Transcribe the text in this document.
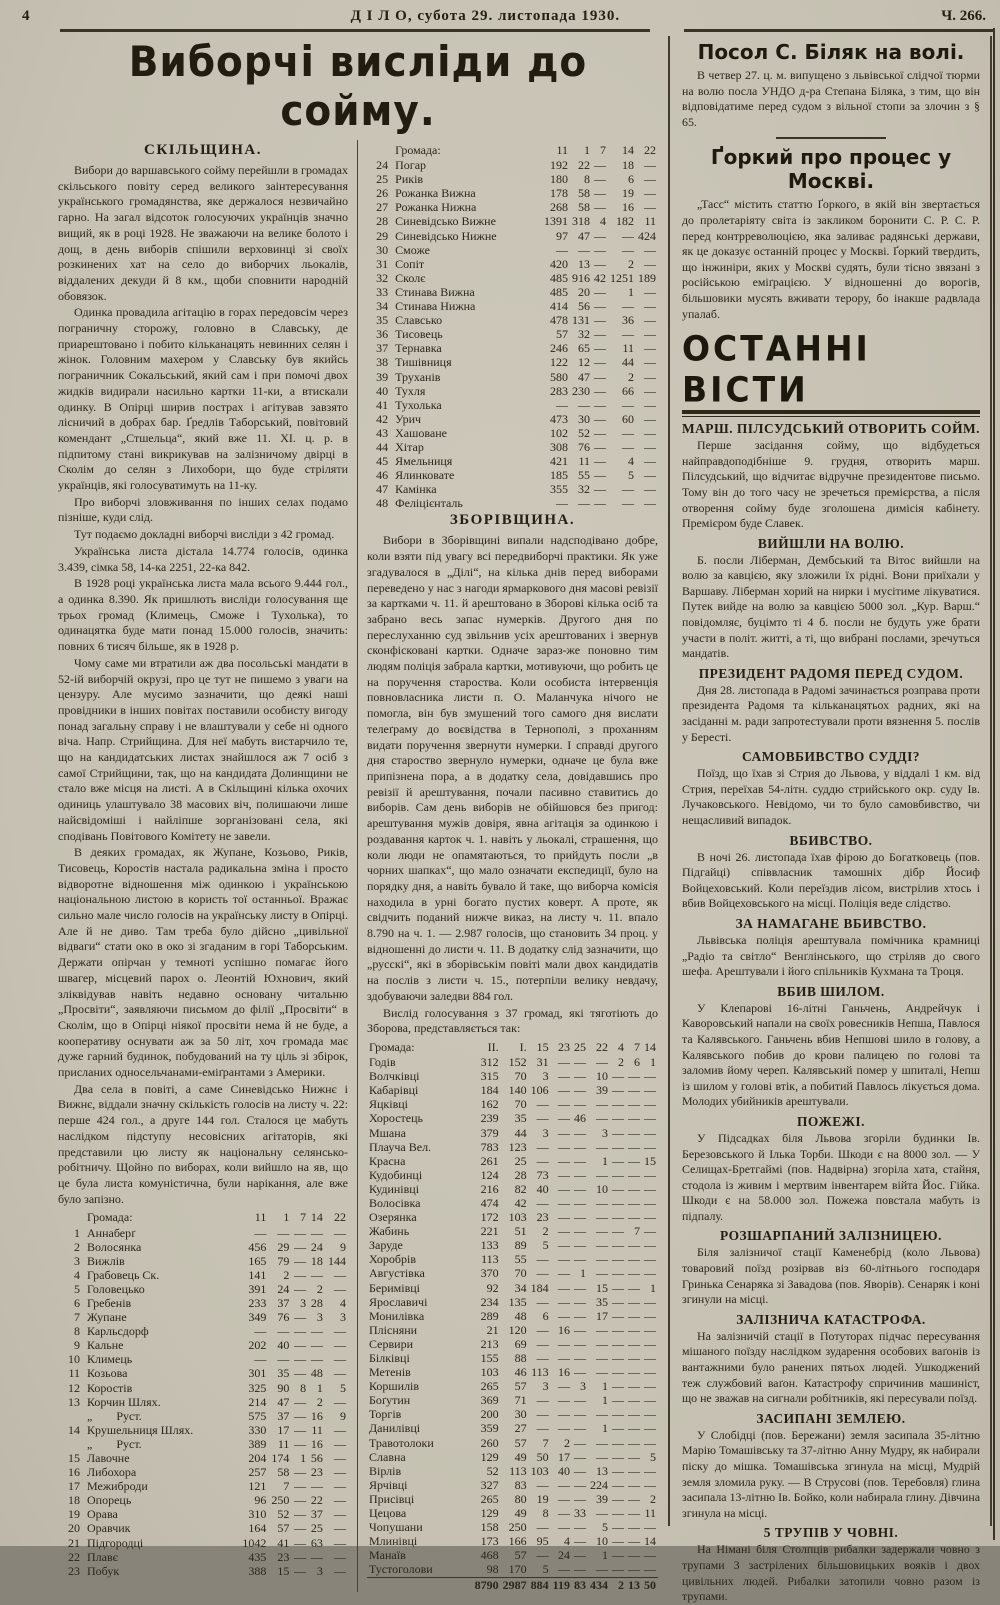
4	Д І Л О, субота 29. листопада 1930.	Ч. 266.
Виборчі висліди до сойму.
СКІЛЬЩИНА.

Вибори до варшавського сойму перейшли в громадах скільського повіту серед великого заінтересування українського громадянства, яке держалося незвичайно гарно. На загал відсоток голосуючих українців значно вищий, як в році 1928. Не зважаючи на велике болото і дощ, в день виборів спішили верховинці зі своїх розкинених хат на село до виборчих льокалів, віддалених декуди й 8 км., щоби сповнити народній обовязок.

Одинка провадила агітацію в горах передовсім через пограничну сторожу, головно в Славську, де приарештовано і побито кільканацять невинних селян і жінок. Головним махером у Славську був якийсь пограничник Сокальський, який сам і при помочі двох жидків видирали насильно картки 11-ки, а втискали одинку. В Опірці ширив пострах і агітував завзято лісничий в добрах бар. Ґредлів Таборський, повітовий комендант „Стшельца“, який вже 11. XI. ц. р. в підпитому стані викрикував на залізничому двірці в Сколім до селян з Лихобори, що буде стріляти українців, які голосуватимуть на 11-ку.

Про виборчі зловживання по інших селах подамо пізніше, куди слід.

Тут подаємо докладні виборчі висліди з 42 громад.

Українська листа дістала 14.774 голосів, одинка 3.439, сімка 58, 14-ка 2251, 22-ка 842.

В 1928 році українська листа мала всього 9.444 гол., а одинка 8.390. Як пришлють висліди голосування ще трьох громад (Климець, Сможе і Тухолька), то одинацятка буде мати понад 15.000 голосів, значить: повних 6 тисяч більше, як в 1928 р.

Чому саме ми втратили аж два посольські мандати в 52-ій виборчій окрузі, про це тут не пишемо з уваги на цензуру. Але мусимо зазначити, що деякі наші провідники в інших повітах поставили особисту вигоду понад загальну справу і не влаштували у себе ні одного віча. Напр. Стрийщина. Для неї мабуть вистарчило те, що на кандидатських листах знайшлося аж 7 осіб з самої Стрийщини, так, що на кандидата Долинщини не стало вже місця на листі. А в Скільщині кілька охочих одиниць улаштувало 38 масових віч, полишаючи лише найсвідоміші і найліпше зорганізовані села, які сподівань Повітового Комітету не завели.

В деяких громадах, як Жупане, Козьово, Риків, Тисовець, Коростів настала радикальна зміна і просто відворотне відношення між одинкою і українською національною листою в користь тої останньої. Вражає сильно мале число голосів на українську листу в Опірці. Але й не диво. Там треба було дійсно „цивільної відваги“ стати око в око зі згаданим в горі Таборським. Держати опірчан у темноті успішно помагає його швагер, місцевий парох о. Леонтій Юхнович, який зліквідував навіть недавно основану читальню „Просвіти“, заявляючи письмом до філії „Просвіти“ в Сколім, що в Опірці ніякої просвіти нема й не буде, а кооперативу оснувати аж за 50 літ, хоч громада має дуже гарний будинок, побудований на ту ціль зі збірок, присланих односельчанами-еміґрантами з Америки.

Два села в повіті, а саме Синевідсько Нижнє і Вижнє, віддали значну скількість голосів на листу ч. 22: перше 424 гол., а друге 144 гол. Сталося це мабуть наслідком підступу несовісних агітаторів, які представили цю листу як національну селянсько-робітничу. Щойно по виборах, коли вийшло на яв, що це була листа комуністична, були нарікання, але вже було запізно.

	Громада:	11	1	7	14	22
1	Аннаберґ	—	—	—	—	—
2	Волосянка	456	29	—	24	9
3	Вижлів	165	79	—	18	144
4	Грабовець Ск.	141	2	—	—	—
5	Головецько	391	24	—	2	—
6	Гребенів	233	37	3	28	4
7	Жупане	349	76	—	3	3
8	Карльсдорф	—	—	—	—	—
9	Кальне	202	40	—	—	—
10	Климець	—	—	—	—	—
11	Козьова	301	35	—	48	—
12	Коростів	325	90	8	1	5
13	Корчин Шлях.	214	47	—	2	—
	„  Руст.	575	37	—	16	9
14	Крушельниця Шлях.	330	17	—	11	—
	„  Руст.	389	11	—	16	—
15	Лавочне	204	174	1	56	—
16	Либохора	257	58	—	23	—
17	Межиброди	121	7	—	—	—
18	Опорець	96	250	—	22	—
19	Орава	310	52	—	37	—
20	Оравчик	164	57	—	25	—
21	Підгородці	1042	41	—	63	—
22	Плавє	435	23	—	—	—
23	Побук	388	15	—	3	—
	Громада:	11	1	7	14	22
24	Погар	192	22	—	18	—
25	Риків	180	8	—	6	—
26	Рожанка Вижна	178	58	—	19	—
27	Рожанка Нижна	268	58	—	16	—
28	Синевідсько Вижне	1391	318	4	182	11
29	Синевідсько Нижне	97	47	—	—	424
30	Сможе	—	—	—	—	—
31	Сопіт	420	13	—	2	—
32	Сколє	485	916	42	1251	189
33	Стинава Вижна	485	20	—	1	—
34	Стинава Нижна	414	56	—	—	—
35	Славсько	478	131	—	36	—
36	Тисовець	57	32	—	—	—
37	Тернавка	246	65	—	11	—
38	Тишівниця	122	12	—	44	—
39	Труханів	580	47	—	2	—
40	Тухля	283	230	—	66	—
41	Тухолька	—	—	—	—	—
42	Урич	473	30	—	60	—
43	Хашоване	102	52	—	—	—
44	Хітар	308	76	—	—	—
45	Ямельниця	421	11	—	4	—
46	Ялинковате	185	55	—	5	—
47	Камінка	355	32	—	—	—
48	Феліцієнталь	—	—	—	—	—
ЗБОРІВЩИНА.

Вибори в Зборівщині випали надсподівано добре, коли взяти під увагу всі передвиборчі практики. Як уже згадувалося в „Ділі“, на кілька днів перед виборами переведено у нас з нагоди ярмаркового дня масові ревізії за картками ч. 11. й арештовано в Зборові кілька осіб та забрано весь запас нумерків. Другого дня по переслуханню суд звільнив усіх арештованих і звернув сконфісковані картки. Одначе зараз-же поновно тим людям поліція забрала картки, мотивуючи, що робить це на поручення староства. Коли особиста інтервенція повновласника листи п. О. Маланчука нічого не помогла, він був змушений того самого дня вислати телеґраму до воєвідства в Тернополі, з проханням видати поручення звернути нумерки. І справді другого дня староство звернуло нумерки, одначе це була вже припізнена пора, а в додатку села, довідавшись про ревізії й арештування, почали пасивно ставитись до виборів. Сам день виборів не обійшовся без пригод: арештування мужів довіря, явна агітація за одинкою і роздавання карток ч. 1. навіть у льокалі, страшення, що коли люди не опамятаються, то прийдуть посли „в чорних шапках“, що мало означати експедиції, було на порядку дня, а навіть бувало й таке, що виборча комісія находила в урні богато пустих коверт. А проте, як свідчить поданий нижче виказ, на листу ч. 11. впало 8.790 на ч. 1. — 2.987 голосів, що становить 34 проц. у відношенні до листи ч. 11. В додатку слід зазначити, що „русскі“, які в зборівськім повіті мали двох кандидатів на послів з листи ч. 15., потерпіли велику невдачу, здобуваючи заледви 884 гол.

Вислід голосування з 37 громад, які тяготіють до Зборова, представляється так:

Громада:	II.	I.	15	23	25	22	4	7	14
Годів	312	152	31	—	—	—	2	6	1
Волчківці	315	70	3	—	—	10	—	—	—
Кабарівці	184	140	106	—	—	39	—	—	—
Яцківці	162	70	—	—	—	—	—	—	—
Хоростець	239	35	—	—	46	—	—	—	—
Мшана	379	44	3	—	—	3	—	—	—
Плауча Вел.	783	123	—	—	—	—	—	—	—
Красна	261	25	—	—	—	1	—	—	15
Кудобинці	124	28	73	—	—	—	—	—	—
Кудинівці	216	82	40	—	—	10	—	—	—
Волосівка	474	42	—	—	—	—	—	—	—
Озерянка	172	103	23	—	—	—	—	—	—
Жабинь	221	51	2	—	—	—	—	7	—
Заруде	133	89	5	—	—	—	—	—	—
Хоробрів	113	55	—	—	—	—	—	—	—
Августівка	370	70	—	—	1	—	—	—	—
Беримівці	92	34	184	—	—	15	—	—	1
Ярославичі	234	135	—	—	—	35	—	—	—
Монилівка	289	48	6	—	—	17	—	—	—
Плісняни	21	120	—	16	—	—	—	—	—
Сервири	213	69	—	—	—	—	—	—	—
Білківці	155	88	—	—	—	—	—	—	—
Метенів	103	46	113	16	—	—	—	—	—
Коршилів	265	57	3	—	3	1	—	—	—
Боґутин	369	71	—	—	—	1	—	—	—
Торгів	200	30	—	—	—	—	—	—	—
Данилівці	359	27	—	—	—	1	—	—	—
Травотолоки	260	57	7	2	—	—	—	—	—
Славна	129	49	50	17	—	—	—	—	5
Вірлів	52	113	103	40	—	13	—	—	—
Ярчівці	327	83	—	—	—	224	—	—	—
Присівці	265	80	19	—	—	39	—	—	2
Цецова	129	49	8	—	33	—	—	—	11
Чопушани	158	250	—	—	—	5	—	—	—
Млинівці	173	166	95	4	—	10	—	—	14
Манаїв	468	57	—	24	—	1	—	—	—
Тустоголови	98	170	5	—	—	—	—	—	—
	8790	2987	884	119	83	434	2	13	50
Посол С. Біляк на волі.

В четвер 27. ц. м. випущено з львівської слідчої тюрми на волю посла УНДО д-ра Степана Біляка, з тим, що він відповідатиме перед судом з вільної стопи за злочин з § 65.

Ґоркий про процес у Москві.

„Тасс“ містить статтю Ґоркого, в якій він звертається до пролетаріяту світа із закликом боронити С. Р. С. Р. перед контрреволюцією, яка заливає радянські держави, як це доказує останній процес у Москві. Ґоркий твердить, що інжиніри, яких у Москві судять, були тісно звязані з російською еміґрацією. У відношенні до ворогів, більшовики мусять вживати терору, бо інакше радвлада упалаб.

ОСТАННІ ВІСТИ
МАРШ. ПІЛСУДСЬКИЙ ОТВОРИТЬ СОЙМ.

Перше засідання сойму, що відбудеться найправдоподібніше 9. грудня, отворить марш. Пілсудський, що відчитає відручне президентове письмо. Тому він до того часу не зречеться премієрства, а після отворення сойму буде зголошена димісія кабінету. Премієром буде Славек.

ВИЙШЛИ НА ВОЛЮ.

Б. посли Ліберман, Дембський та Вітос вийшли на волю за кавцією, яку зложили їх рідні. Вони приїхали у Варшаву. Ліберман хорий на нирки і мусітиме лікуватися. Путек вийде на волю за кавцією 5000 зол. „Кур. Варш.“ повідомляє, буцімто ті 4 б. посли не будуть уже брати участи в політ. житті, а ті, що вибрані послами, зречуться мандатів.

ПРЕЗИДЕНТ РАДОМЯ ПЕРЕД СУДОМ.

Дня 28. листопада в Радомі зачинається розправа проти президента Радомя та кільканацятьох радних, які на засіданні м. ради запротестували проти вязнення 5. послів у Бересті.

САМОВБИВСТВО СУДДІ?

Поїзд, що їхав зі Стрия до Львова, у віддалі 1 км. від Стрия, переїхав 54-літн. суддю стрийського окр. суду Ів. Лучаковського. Невідомо, чи то було самовбивство, чи нещасливий випадок.

ВБИВСТВО.

В ночі 26. листопада їхав фірою до Богатковець (пов. Підгайці) співвласник тамошніх дібр Йосиф Войцеховський. Коли переїздив лісом, вистрілив хтось і вбив Войцеховського на місці. Поліція веде слідство.

ЗА НАМАГАНЕ ВБИВСТВО.

Львівська поліція арештувала помічника крамниці „Радіо та світло“ Венґлінського, що стріляв до свого шефа. Арештували і його спільників Кухмана та Троця.

ВБИВ ШИЛОМ.

У Клепарові 16-літні Ганьчень, Андрейчук і Каворовський напали на своїх ровесників Непша, Павлося та Калявського. Ганьчень вбив Непшові шило в голову, а Калявського побив до крови палицею по голові та заломив йому череп. Калявський помер у шпиталі, Непш із шилом у голові втік, а побитий Павлось лікується дома. Молодих убийників арештували.

ПОЖЕЖІ.

У Підсадках біля Львова згоріли будинки Ів. Березовського й Ілька Торби. Шкоди є на 8000 зол. — У Селищах-Бретгаймі (пов. Надвірна) згоріла хата, стайня, стодола із живим і мертвим інвентарем війта Йос. Гійка. Шкоди є на 58.000 зол. Пожежа повстала мабуть із підпалу.

РОЗШАРПАНИЙ ЗАЛІЗНИЦЕЮ.

Біля залізничої стації Каменебрід (коло Львова) товаровий поїзд розірвав віз 60-літнього господаря Гринька Сенаряка зі Завадова (пов. Яворів). Сенаряк і коні згинули на місці.

ЗАЛІЗНИЧА КАТАСТРОФА.

На залізничій стації в Потуторах підчас пересування мішаного поїзду наслідком зударення особових ваґонів із вантажними було ранених пятьох людей. Ушкоджений теж службовий ваґон. Катастрофу спричинив машиніст, що не зважав на сигнали робітників, які пересували поїзд.

ЗАСИПАНІ ЗЕМЛЕЮ.

У Слобідці (пов. Бережани) земля засипала 35-літню Марію Томашівську та 37-літню Анну Мудру, як набирали піску до мішка. Томашівська згинула на місці, Мудрій земля зломила руку. — В Струсові (пов. Теребовля) глина засипала 13-літню Ів. Бойко, коли набирала глину. Дівчина згинула на місці.

5 ТРУПІВ У ЧОВНІ.

На Німані біля Столпців рибалки задержали човно з трупами 3 застрілених більшовицьких вояків і двох цивільних людей. Рибалки затопили човно разом із трупами.
